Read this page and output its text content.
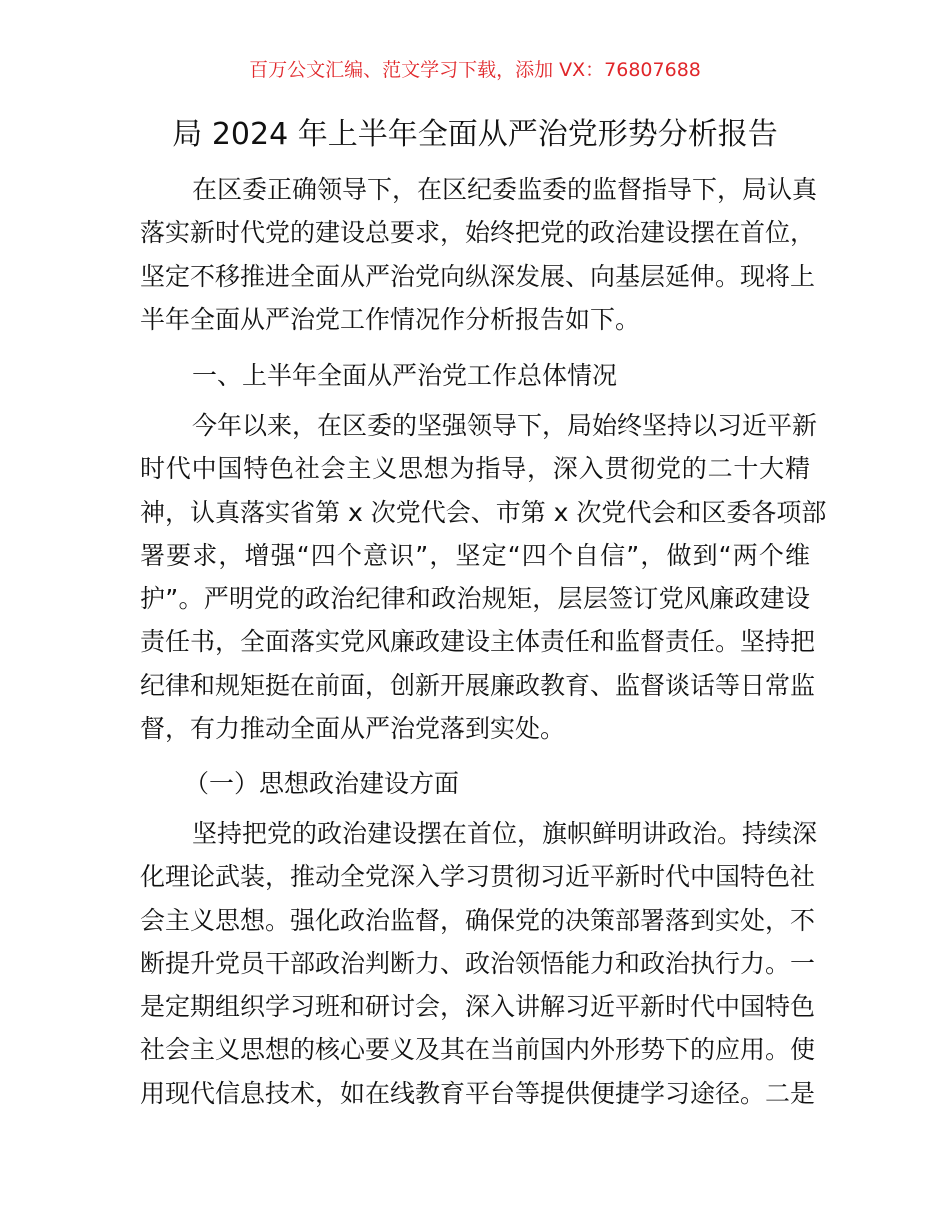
百万公文汇编、范文学习下载，添加 VX：76807688
局 2024 年上半年全面从严治党形势分析报告
在区委正确领导下，在区纪委监委的监督指导下，局认真
落实新时代党的建设总要求，始终把党的政治建设摆在首位，
坚定不移推进全面从严治党向纵深发展、向基层延伸。现将上
半年全面从严治党工作情况作分析报告如下。
一、上半年全面从严治党工作总体情况
今年以来，在区委的坚强领导下，局始终坚持以习近平新
时代中国特色社会主义思想为指导，深入贯彻党的二十大精
神，认真落实省第 x 次党代会、市第 x 次党代会和区委各项部
署要求，增强“四个意识”，坚定“四个自信”，做到“两个维
护”。严明党的政治纪律和政治规矩，层层签订党风廉政建设
责任书，全面落实党风廉政建设主体责任和监督责任。坚持把
纪律和规矩挺在前面，创新开展廉政教育、监督谈话等日常监
督，有力推动全面从严治党落到实处。
（一）思想政治建设方面
坚持把党的政治建设摆在首位，旗帜鲜明讲政治。持续深
化理论武装，推动全党深入学习贯彻习近平新时代中国特色社
会主义思想。强化政治监督，确保党的决策部署落到实处，不
断提升党员干部政治判断力、政治领悟能力和政治执行力。一
是定期组织学习班和研讨会，深入讲解习近平新时代中国特色
社会主义思想的核心要义及其在当前国内外形势下的应用。使
用现代信息技术，如在线教育平台等提供便捷学习途径。二是
